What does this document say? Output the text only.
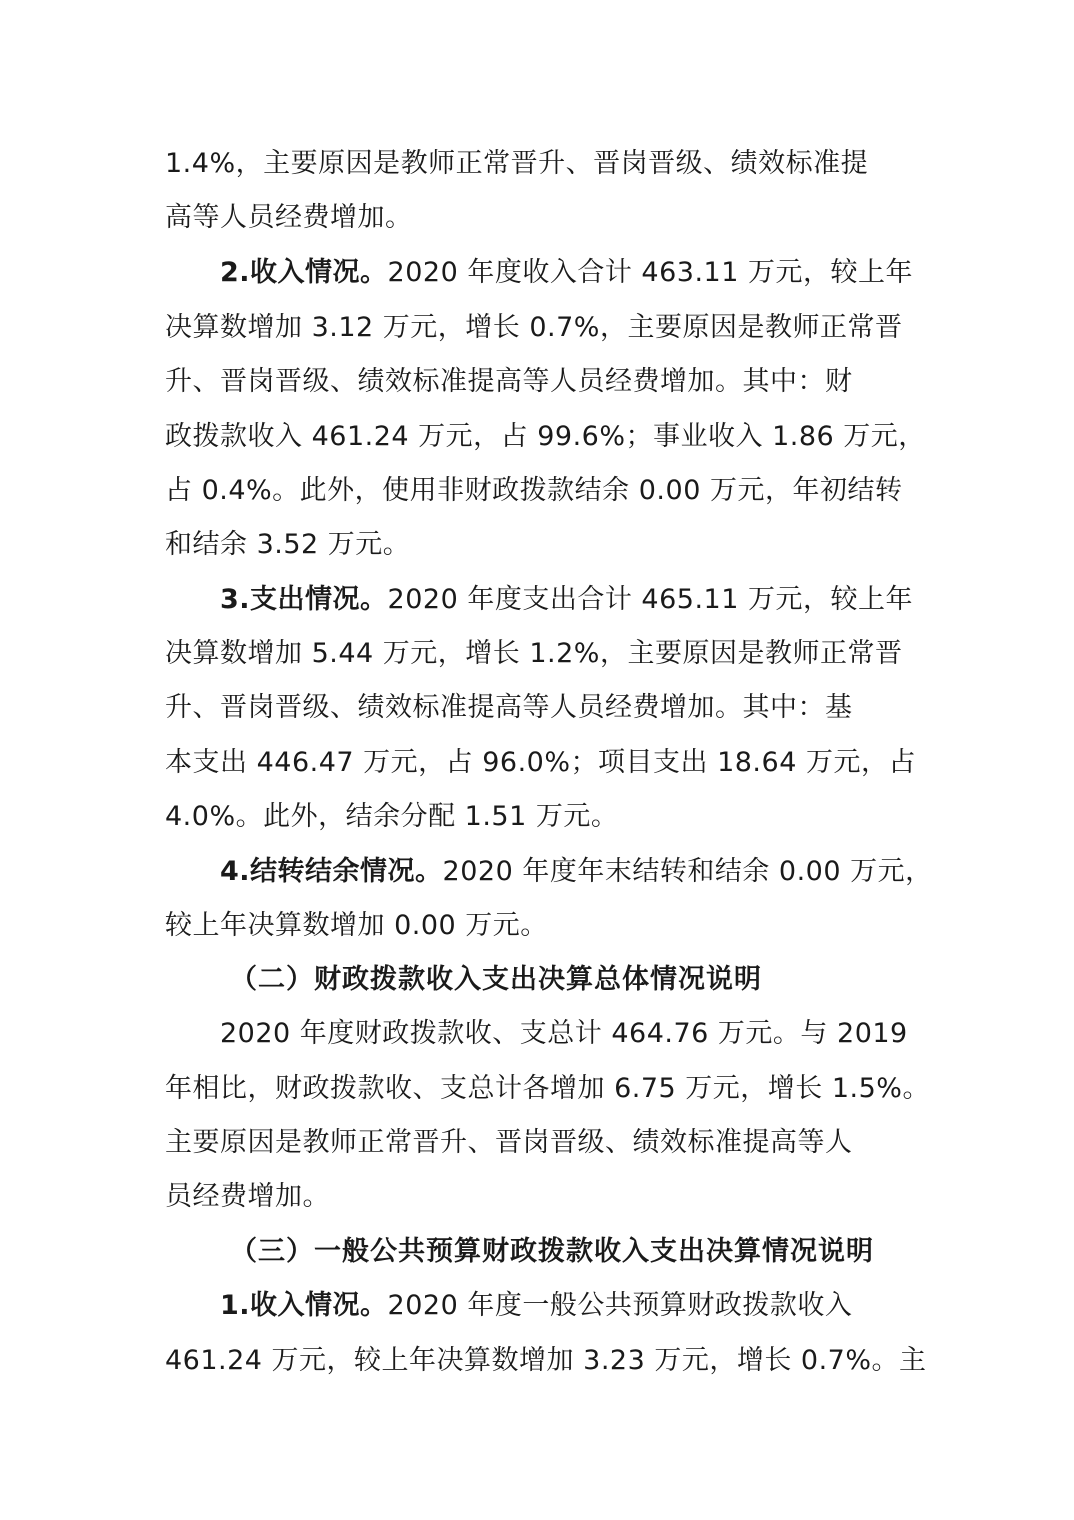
1.4%，主要原因是教师正常晋升、晋岗晋级、绩效标准提
高等人员经费增加。
2.收入情况。2020 年度收入合计 463.11 万元，较上年
决算数增加 3.12 万元，增长 0.7%，主要原因是教师正常晋
升、晋岗晋级、绩效标准提高等人员经费增加。其中：财
政拨款收入 461.24 万元，占 99.6%；事业收入 1.86 万元，
占 0.4%。此外，使用非财政拨款结余 0.00 万元，年初结转
和结余 3.52 万元。
3.支出情况。2020 年度支出合计 465.11 万元，较上年
决算数增加 5.44 万元，增长 1.2%，主要原因是教师正常晋
升、晋岗晋级、绩效标准提高等人员经费增加。其中：基
本支出 446.47 万元，占 96.0%；项目支出 18.64 万元，占
4.0%。此外，结余分配 1.51 万元。
4.结转结余情况。2020 年度年末结转和结余 0.00 万元，
较上年决算数增加 0.00 万元。
（二）财政拨款收入支出决算总体情况说明
2020 年度财政拨款收、支总计 464.76 万元。与 2019
年相比，财政拨款收、支总计各增加 6.75 万元，增长 1.5%。
主要原因是教师正常晋升、晋岗晋级、绩效标准提高等人
员经费增加。
（三）一般公共预算财政拨款收入支出决算情况说明
1.收入情况。2020 年度一般公共预算财政拨款收入
461.24 万元，较上年决算数增加 3.23 万元，增长 0.7%。主
